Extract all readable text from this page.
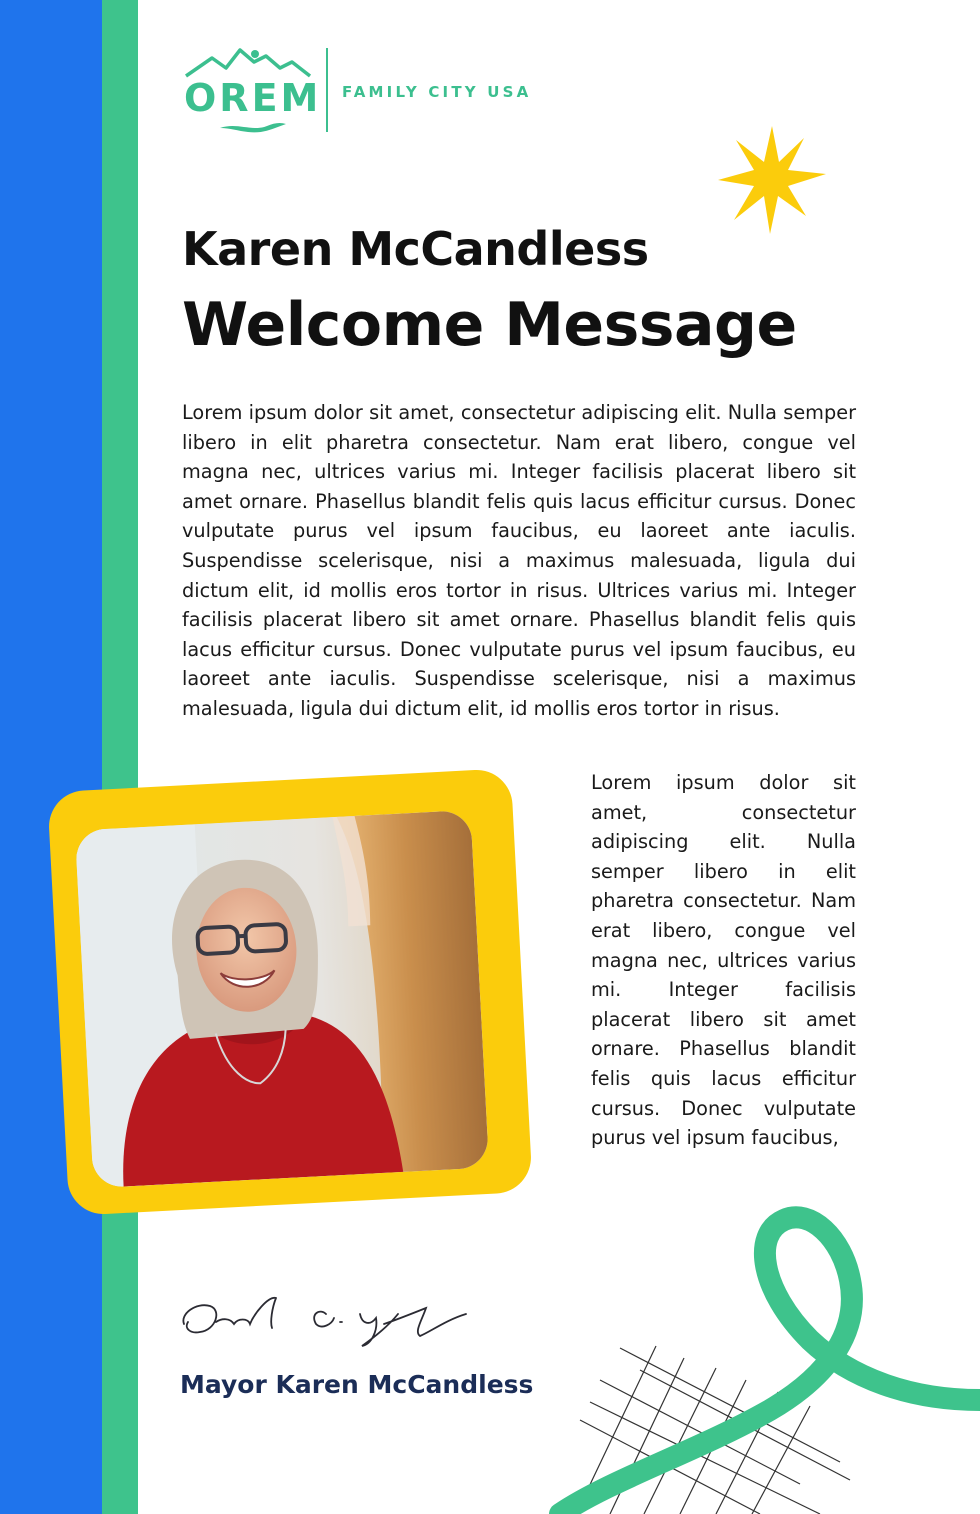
OREM FAMILY CITY USA
Karen McCandless
Welcome Message
Lorem ipsum dolor sit amet, consectetur adipiscing elit. Nulla semper libero in elit pharetra consectetur. Nam erat libero, congue vel magna nec, ultrices varius mi. Integer facilisis placerat libero sit amet ornare. Phasellus blandit felis quis lacus efficitur cursus. Donec vulputate purus vel ipsum faucibus, eu laoreet ante iaculis. Suspendisse scelerisque, nisi a maximus malesuada, ligula dui dictum elit, id mollis eros tortor in risus. Ultrices varius mi. Integer facilisis placerat libero sit amet ornare. Phasellus blandit felis quis lacus efficitur cursus. Donec vulputate purus vel ipsum faucibus, eu laoreet ante iaculis. Suspendisse scelerisque, nisi a maximus malesuada, ligula dui dictum elit, id mollis eros tortor in risus.
Lorem ipsum dolor sit amet, consectetur adipiscing elit. Nulla semper libero in elit pharetra consectetur. Nam erat libero, congue vel magna nec, ultrices varius mi. Integer facilisis placerat libero sit amet ornare. Phasellus blandit felis quis lacus efficitur cursus. Donec vulputate purus vel ipsum faucibus,
Mayor Karen McCandless
